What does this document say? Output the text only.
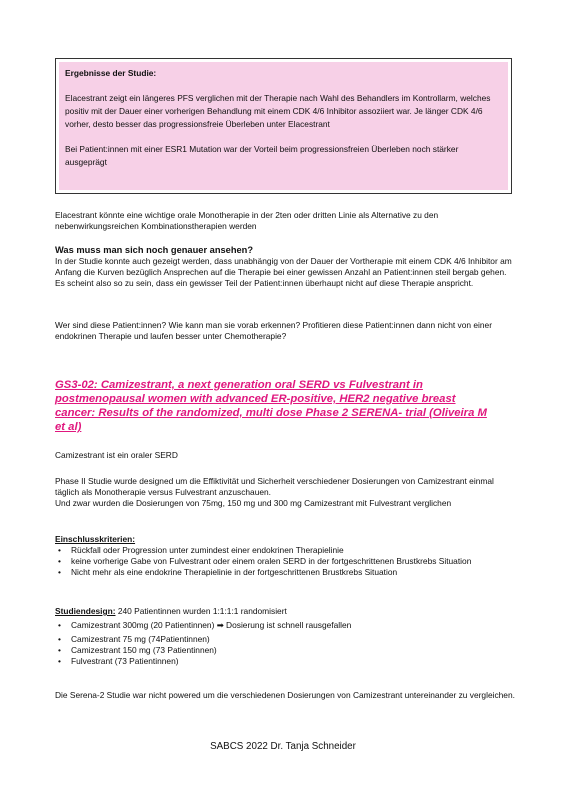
Ergebnisse der Studie:

Elacestrant zeigt ein längeres PFS verglichen mit der Therapie nach Wahl des Behandlers im Kontrollarm, welches positiv mit der Dauer einer vorherigen Behandlung mit einem CDK 4/6 Inhibitor assoziiert war. Je länger CDK 4/6 vorher, desto besser das progressionsfreie Überleben unter Elacestrant

Bei Patient:innen mit einer ESR1 Mutation war der Vorteil beim progressionsfreien Überleben noch stärker ausgeprägt

Elacestrant könnte eine wichtige orale Monotherapie in der 2ten oder dritten Linie als Alternative zu den nebenwirkungsreichen Kombinationstherapien werden

Was muss man sich noch genauer ansehen?

In der Studie konnte auch gezeigt werden, dass unabhängig von der Dauer der Vortherapie mit einem CDK 4/6 Inhibitor am Anfang die Kurven bezüglich Ansprechen auf die Therapie bei einer gewissen Anzahl an Patient:innen steil bergab gehen. Es scheint also so zu sein, dass ein gewisser Teil der Patient:innen überhaupt nicht auf diese Therapie anspricht.

Wer sind diese Patient:innen? Wie kann man sie vorab erkennen? Profitieren diese Patient:innen dann nicht von einer endokrinen Therapie und laufen besser unter Chemotherapie?

GS3-02: Camizestrant, a next generation oral SERD vs Fulvestrant in postmenopausal women with advanced ER-positive, HER2 negative breast cancer: Results of the randomized, multi dose Phase 2 SERENA- trial (Oliveira M et al)

Camizestrant ist ein oraler SERD

Phase II Studie wurde designed um die Effiktivität und Sicherheit verschiedener Dosierungen von Camizestrant einmal täglich als Monotherapie versus Fulvestrant anzuschauen.

Und zwar wurden die Dosierungen von 75mg, 150 mg und 300 mg Camizestrant mit Fulvestrant verglichen

Einschlusskriterien:

• Rückfall oder Progression unter zumindest einer endokrinen Therapielinie
• keine vorherige Gabe von Fulvestrant oder einem oralen SERD in der fortgeschrittenen Brustkrebs Situation
• Nicht mehr als eine endokrine Therapielinie in der fortgeschrittenen Brustkrebs Situation

Studiendesign: 240 Patientinnen wurden 1:1:1:1 randomisiert

• Camizestrant 300mg (20 Patientinnen) ➡ Dosierung ist schnell rausgefallen
• Camizestrant 75 mg (74Patientinnen)
• Camizestrant 150 mg (73 Patientinnen)
• Fulvestrant (73 Patientinnen)

Die Serena-2 Studie war nicht powered um die verschiedenen Dosierungen von Camizestrant untereinander zu vergleichen.

SABCS 2022 Dr. Tanja Schneider
